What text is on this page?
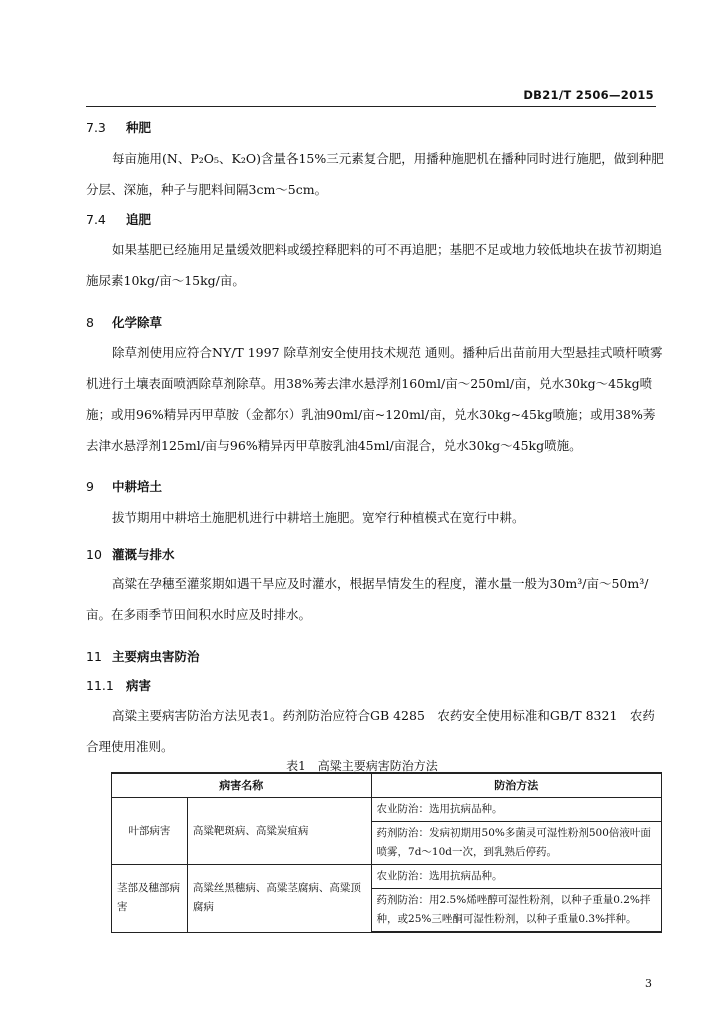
DB21/T 2506—2015
7.3 种肥
每亩施用(N、P₂O₅、K₂O)含量各15%三元素复合肥，用播种施肥机在播种同时进行施肥，做到种肥分层、深施，种子与肥料间隔3cm～5cm。
7.4 追肥
如果基肥已经施用足量缓效肥料或缓控释肥料的可不再追肥；基肥不足或地力较低地块在拔节初期追施尿素10kg/亩～15kg/亩。
8 化学除草
除草剂使用应符合NY/T 1997 除草剂安全使用技术规范 通则。播种后出苗前用大型悬挂式喷杆喷雾机进行土壤表面喷洒除草剂除草。用38%莠去津水悬浮剂160ml/亩～250ml/亩，兑水30kg～45kg喷施；或用96%精异丙甲草胺（金都尔）乳油90ml/亩~120ml/亩，兑水30kg~45kg喷施；或用38%莠去津水悬浮剂125ml/亩与96%精异丙甲草胺乳油45ml/亩混合，兑水30kg～45kg喷施。
9 中耕培土
拔节期用中耕培土施肥机进行中耕培土施肥。宽窄行种植模式在宽行中耕。
10 灌溉与排水
高粱在孕穗至灌浆期如遇干旱应及时灌水，根据旱情发生的程度，灌水量一般为30m³/亩～50m³/亩。在多雨季节田间积水时应及时排水。
11 主要病虫害防治
11.1 病害
高粱主要病害防治方法见表1。药剂防治应符合GB 4285　农药安全使用标准和GB/T 8321　农药合理使用准则。
表1　高粱主要病害防治方法
病害名称		防治方法
叶部病害	高粱靶斑病、高粱炭疽病	农业防治：选用抗病品种。
		药剂防治：发病初期用50%多菌灵可湿性粉剂500倍液叶面喷雾，7d～10d一次，到乳熟后停药。
茎部及穗部病害	高粱丝黑穗病、高粱茎腐病、高粱顶腐病	农业防治：选用抗病品种。
		药剂防治：用2.5%烯唑醇可湿性粉剂，以种子重量0.2%拌种，或25%三唑酮可湿性粉剂，以种子重量0.3%拌种。
3
